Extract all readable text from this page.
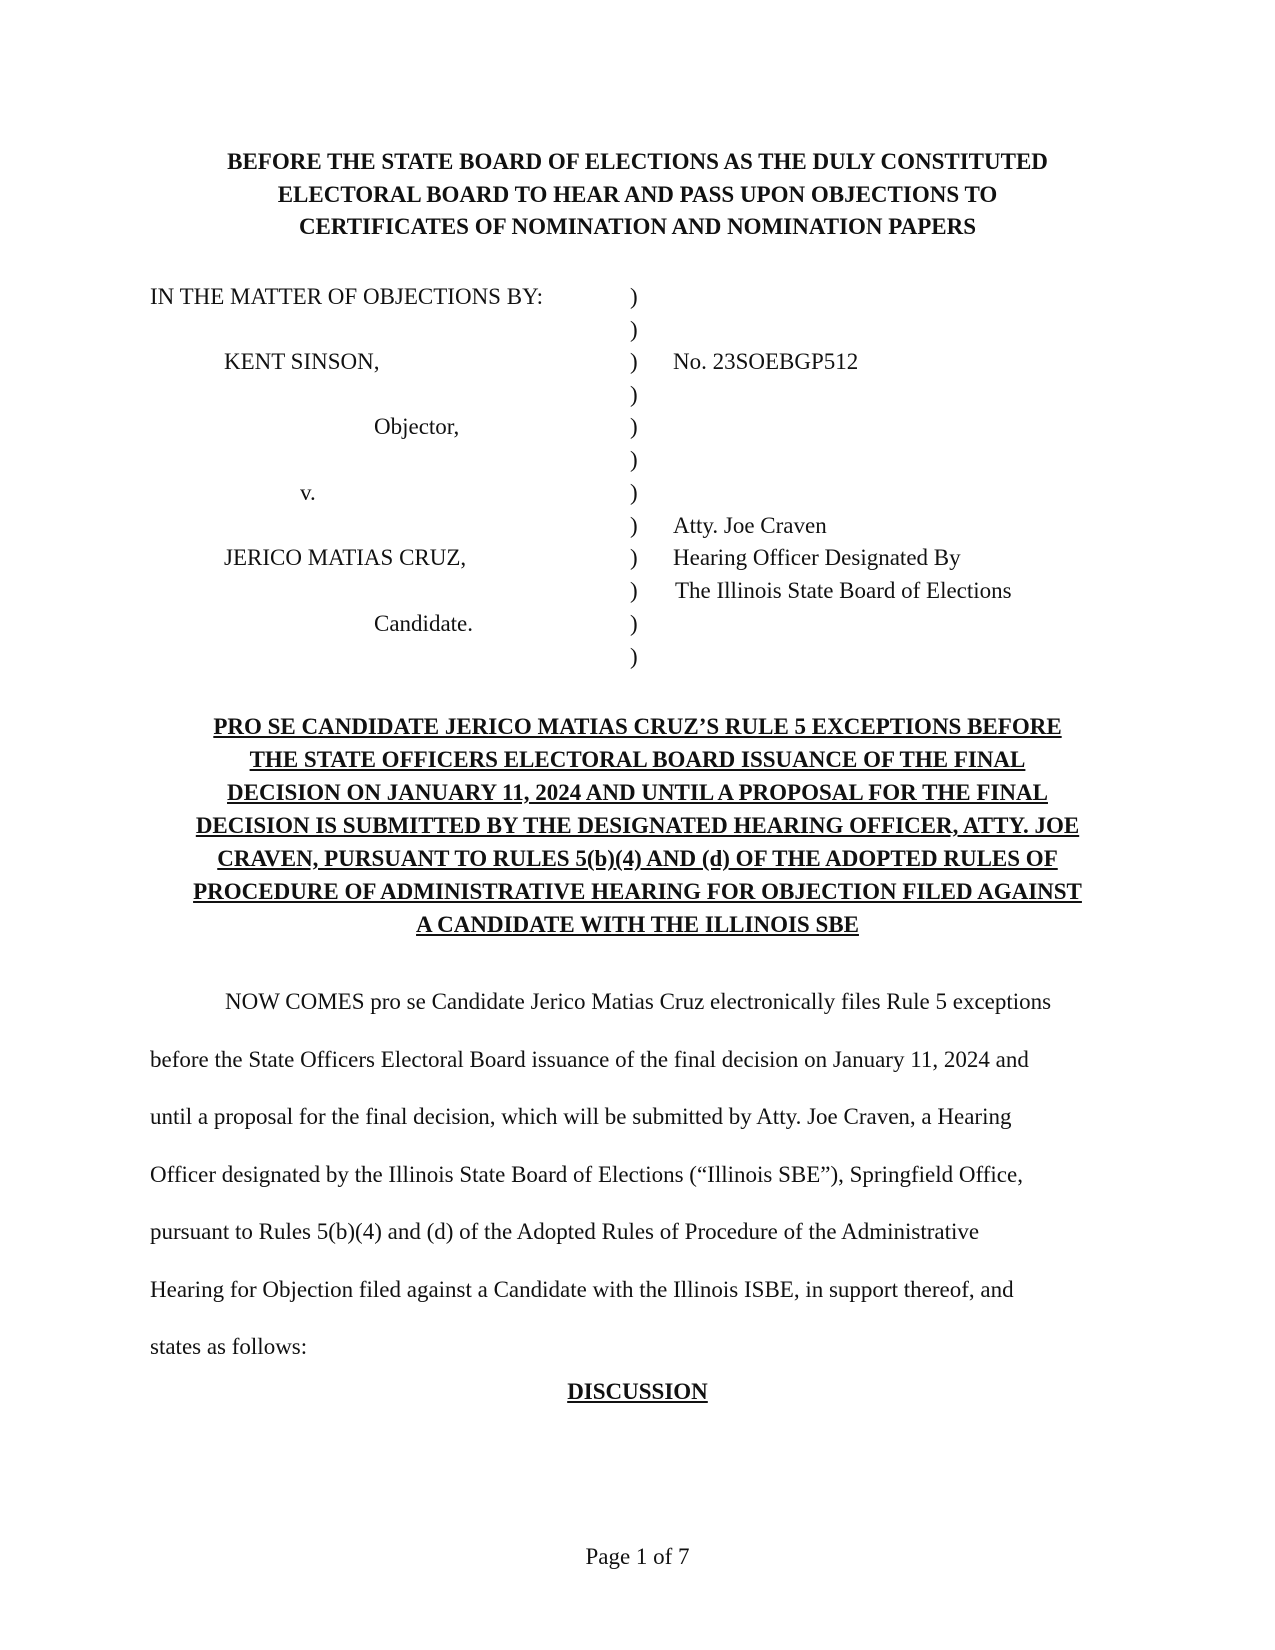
BEFORE THE STATE BOARD OF ELECTIONS AS THE DULY CONSTITUTED
ELECTORAL BOARD TO HEAR AND PASS UPON OBJECTIONS TO
CERTIFICATES OF NOMINATION AND NOMINATION PAPERS
IN THE MATTER OF OBJECTIONS BY:
KENT SINSON,
Objector,
v.
JERICO MATIAS CRUZ,
Candidate.
No. 23SOEBGP512
Atty. Joe Craven
Hearing Officer Designated By
The Illinois State Board of Elections
)
)
)
)
)
)
)
)
)
)
)
)
PRO SE CANDIDATE JERICO MATIAS CRUZ’S RULE 5 EXCEPTIONS BEFORE
THE STATE OFFICERS ELECTORAL BOARD ISSUANCE OF THE FINAL
DECISION ON JANUARY 11, 2024 AND UNTIL A PROPOSAL FOR THE FINAL
DECISION IS SUBMITTED BY THE DESIGNATED HEARING OFFICER, ATTY. JOE
CRAVEN, PURSUANT TO RULES 5(b)(4) AND (d) OF THE ADOPTED RULES OF
PROCEDURE OF ADMINISTRATIVE HEARING FOR OBJECTION FILED AGAINST
A CANDIDATE WITH THE ILLINOIS SBE
NOW COMES pro se Candidate Jerico Matias Cruz electronically files Rule 5 exceptions
before the State Officers Electoral Board issuance of the final decision on January 11, 2024 and
until a proposal for the final decision, which will be submitted by Atty. Joe Craven, a Hearing
Officer designated by the Illinois State Board of Elections (“Illinois SBE”), Springfield Office,
pursuant to Rules 5(b)(4) and (d) of the Adopted Rules of Procedure of the Administrative
Hearing for Objection filed against a Candidate with the Illinois ISBE, in support thereof, and
states as follows:
DISCUSSION
Page 1 of 7
